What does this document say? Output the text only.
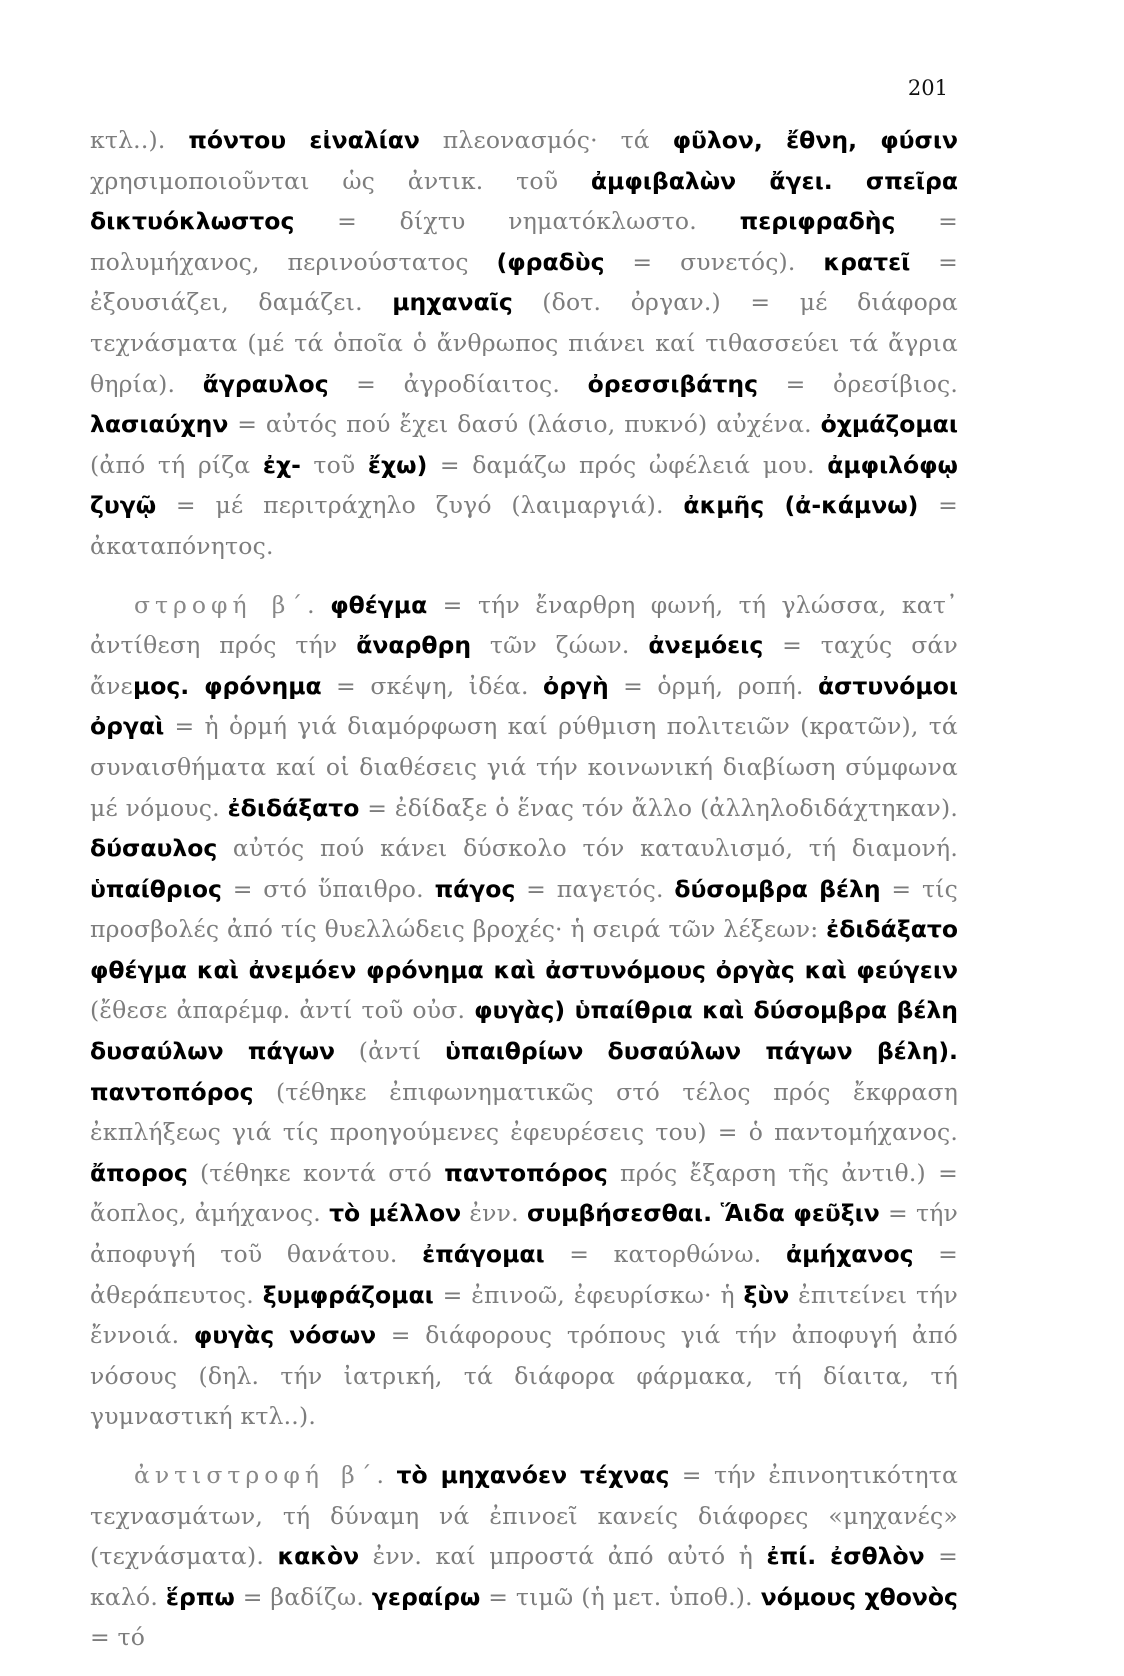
201

κτλ..). πόντου εἰναλίαν πλεονασμός· τά φῦλον, ἔθνη, φύσιν χρησιμοποιοῦνται ὡς ἀντικ. τοῦ ἀμφιβαλὼν ἄγει. σπεῖρα δικτυόκλωστος = δίχτυ νηματόκλωστο. περιφραδὴς = πολυμήχανος, περινούστατος (φραδὺς = συνετός). κρατεῖ = ἐξουσιάζει, δαμάζει. μηχαναῖς (δοτ. ὀργαν.) = μέ διάφορα τεχνάσματα (μέ τά ὁποῖα ὁ ἄνθρωπος πιάνει καί τιθασσεύει τά ἄγρια θηρία). ἄγραυλος = ἀγροδίαιτος. ὀρεσσιβάτης = ὀρεσίβιος. λασιαύχην = αὐτός πού ἔχει δασύ (λάσιο, πυκνό) αὐχένα. ὀχμάζομαι (ἀπό τή ρίζα ἐχ- τοῦ ἔχω) = δαμάζω πρός ὠφέλειά μου. ἀμφιλόφῳ ζυγῷ = μέ περιτράχηλο ζυγό (λαιμαργιά). ἀκμῆς (ἀ-κάμνω) = ἀκαταπόνητος.

στροφή β΄. φθέγμα = τήν ἔναρθρη φωνή, τή γλώσσα, κατ᾽ ἀντίθεση πρός τήν ἄναρθρη τῶν ζώων. ἀνεμόεις = ταχύς σάν ἄνεμος. φρόνημα = σκέψη, ἰδέα. ὀργὴ = ὁρμή, ροπή. ἀστυνόμοι ὀργαὶ = ἡ ὁρμή γιά διαμόρφωση καί ρύθμιση πολιτειῶν (κρατῶν), τά συναισθήματα καί οἱ διαθέσεις γιά τήν κοινωνική διαβίωση σύμφωνα μέ νόμους. ἐδιδάξατο = ἐδίδαξε ὁ ἕνας τόν ἄλλο (ἀλληλοδιδάχτηκαν). δύσαυλος αὐτός πού κάνει δύσκολο τόν καταυλισμό, τή διαμονή. ὑπαίθριος = στό ὕπαιθρο. πάγος = παγετός. δύσομβρα βέλη = τίς προσβολές ἀπό τίς θυελλώδεις βροχές· ἡ σειρά τῶν λέξεων: ἐδιδάξατο φθέγμα καὶ ἀνεμόεν φρόνημα καὶ ἀστυνόμους ὀργὰς καὶ φεύγειν (ἔθεσε ἀπαρέμφ. ἀντί τοῦ οὐσ. φυγὰς) ὑπαίθρια καὶ δύσομβρα βέλη δυσαύλων πάγων (ἀντί ὑπαιθρίων δυσαύλων πάγων βέλη). παντοπόρος (τέθηκε ἐπιφωνηματικῶς στό τέλος πρός ἔκφραση ἐκπλήξεως γιά τίς προηγούμενες ἐφευρέσεις του) = ὁ παντομήχανος. ἄπορος (τέθηκε κοντά στό παντοπόρος πρός ἔξαρση τῆς ἀντιθ.) = ἄοπλος, ἀμήχανος. τὸ μέλλον ἐνν. συμβήσεσθαι. Ἅιδα φεῦξιν = τήν ἀποφυγή τοῦ θανάτου. ἐπάγομαι = κατορθώνω. ἀμήχανος = ἀθεράπευτος. ξυμφράζομαι = ἐπινοῶ, ἐφευρίσκω· ἡ ξὺν ἐπιτείνει τήν ἔννοιά. φυγὰς νόσων = διάφορους τρόπους γιά τήν ἀποφυγή ἀπό νόσους (δηλ. τήν ἰατρική, τά διάφορα φάρμακα, τή δίαιτα, τή γυμναστική κτλ..).

ἀντιστροφή β΄. τὸ μηχανόεν τέχνας = τήν ἐπινοητικότητα τεχνασμάτων, τή δύναμη νά ἐπινοεῖ κανείς διάφορες «μηχανές» (τεχνάσματα). κακὸν ἐνν. καί μπροστά ἀπό αὐτό ἡ ἐπί. ἐσθλὸν = καλό. ἕρπω = βαδίζω. γεραίρω = τιμῶ (ἡ μετ. ὑποθ.). νόμους χθονὸς = τό
